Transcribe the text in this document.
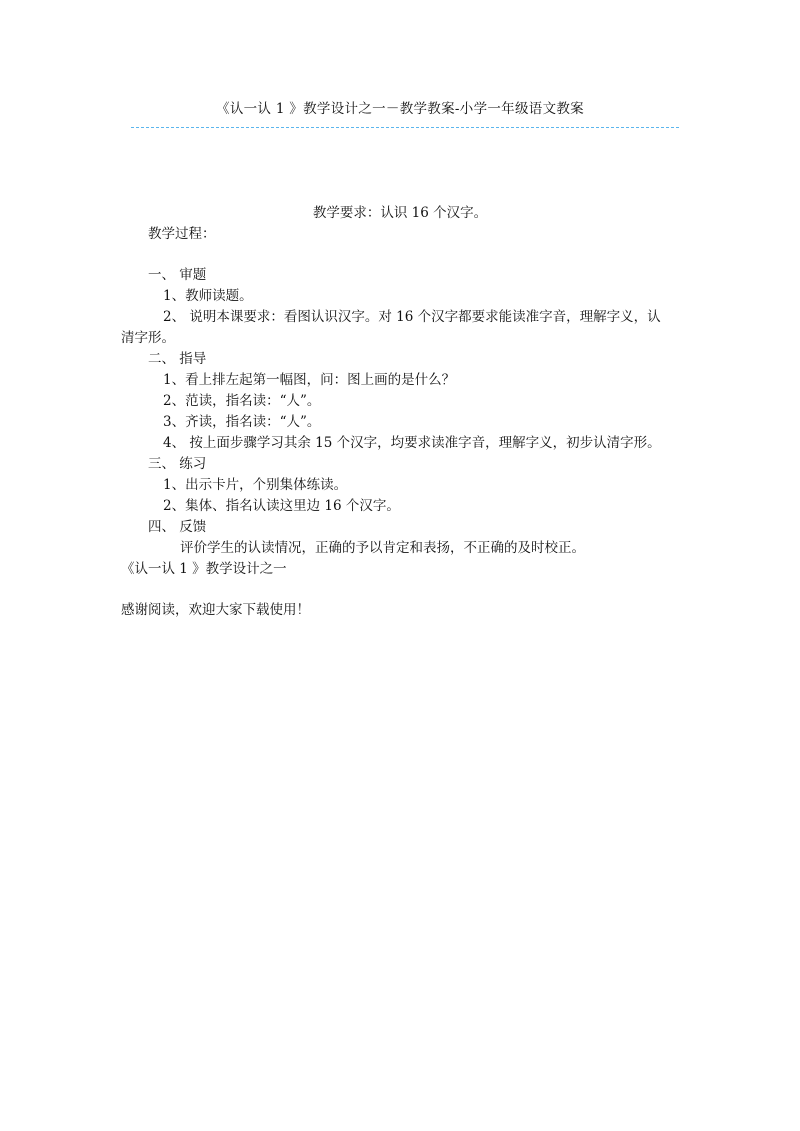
《认一认 1 》教学设计之一－教学教案-小学一年级语文教案
教学要求：认识 16 个汉字。
教学过程：
一、 审题
1、教师读题。
2、 说明本课要求：看图认识汉字。对 16 个汉字都要求能读准字音，理解字义，认
清字形。
二、 指导
1、看上排左起第一幅图，问：图上画的是什么？
2、范读，指名读：“人”。
3、齐读，指名读：“人”。
4、 按上面步骤学习其余 15 个汉字，均要求读准字音，理解字义，初步认清字形。
三、 练习
1、出示卡片，个别集体练读。
2、集体、指名认读这里边 16 个汉字。
四、 反馈
评价学生的认读情况，正确的予以肯定和表扬，不正确的及时校正。
《认一认 1 》教学设计之一
感谢阅读，欢迎大家下载使用！
